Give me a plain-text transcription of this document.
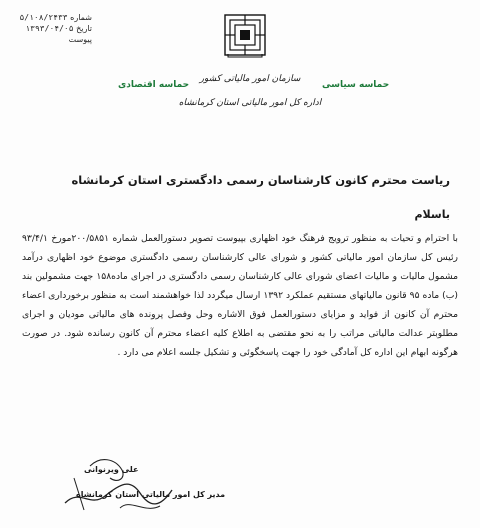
شماره ۵/۱۰۸/۲۴۳۳
تاریخ ۱۳۹۳/۰۴/۰۵
پیوست
حماسه اقتصادی
سازمان امور مالیاتی کشور
حماسه سیاسی
اداره کل امور مالیاتی استان کرمانشاه
ریاست محترم کانون کارشناسان رسمی دادگستری استان کرمانشاه
باسلام

با احترام و تحیات به منظور ترویج فرهنگ خود اظهاری بپیوست تصویر دستورالعمل شماره ۲۰۰/۵۸۵۱مورخ ۹۳/۴/۱ رئیس کل سازمان امور مالیاتی کشور و شورای عالی کارشناسان رسمی دادگستری موضوع خود اظهاری درآمد مشمول مالیات و مالیات اعضای شورای عالی کارشناسان رسمی دادگستری در اجرای ماده۱۵۸ جهت مشمولین بند (ب) ماده ۹۵ قانون مالیاتهای مستقیم عملکرد ۱۳۹۲ ارسال میگردد لذا خواهشمند است به منظور برخورداری اعضاء محترم آن کانون از فواید و مزایای دستورالعمل فوق الاشاره وحل وفصل پرونده های مالیاتی مودیان و اجرای مطلوبتر عدالت مالیاتی مراتب را به نحو مقتضی به اطلاع کلیه اعضاء محترم آن کانون رسانده شود. در صورت هرگونه ابهام این اداره کل آمادگی خود را جهت پاسخگوئی و تشکیل جلسه اعلام می دارد .

علی ویرنوانی
مدیر کل امور مالیاتی استان کرمانشاه
